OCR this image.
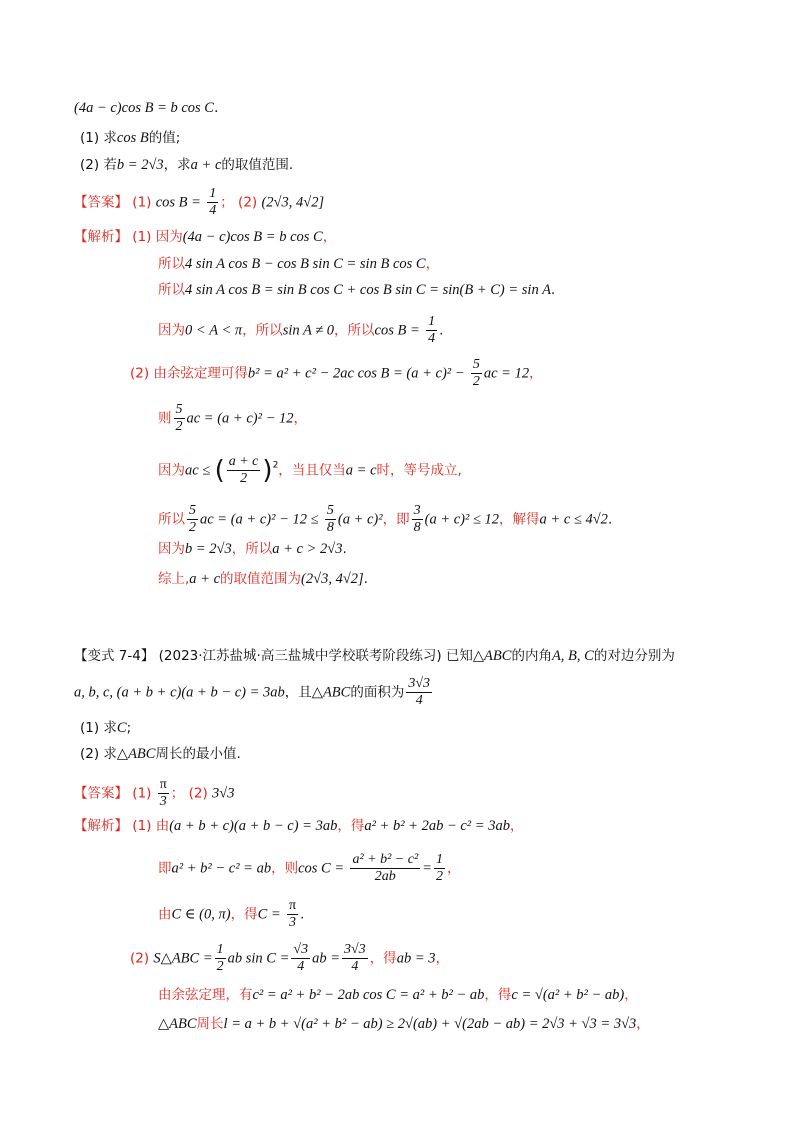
(4a − c)cos B = b cos C.
(1) 求cos B的值;
(2) 若b = 2√3，求a + c的取值范围.
【答案】 (1) $\cos B = \frac{1}{4}$ ； (2) (2√3, 4√2]
【解析】 (1) 因为(4a − c)cos B = b cos C，
所以4 sin A cos B − cos B sin C = sin B cos C，
所以4 sin A cos B = sin B cos C + cos B sin C = sin(B + C) = sin A.
因为0 < A < π，所以sin A ≠ 0，所以$\cos B = \frac{1}{4}$ .
(2) 由余弦定理可得b² = a² + c² − 2ac $\cos B = (a + c)^2 - \frac{5}{2}$ ac = 12，
则 $\frac{5}{2}$ ac = (a + c)² − 12，
因为ac ≤ ( $\frac{a + c}{2} )^2$，当且仅当a = c时，等号成立,
所以 $\frac{5}{2}$ ac = $(a + c)^2 - 12 \le \frac{5}{8} (a + c)^2$，即 $\frac{3}{8} (a + c)^2 \le 12$，解得a + c ≤ 4√2.
因为b = 2√3，所以a + c > 2√3.
综上,a + c的取值范围为(2√3, 4√2].
【变式 7-4】 (2023·江苏盐城·高三盐城中学校联考阶段练习) 已知△ABC的内角A, B, C的对边分别为
a, b, c, (a + b + c)(a + b − c) = 3ab，且△ABC的面积为 $\frac{3√3}{4}$
(1) 求C;
(2) 求△ABC周长的最小值.
【答案】 $(1) \frac{\pi}{3}$ ； (2) 3√3
【解析】 (1) 由(a + b + c)(a + b − c) = 3ab，得a² + b² + 2ab − c² = 3ab，
即a² + b² − c² = ab，则$\cos C = \frac{\text{a² + b² − c²}}{2ab} = \frac{1}{2}$ ，
由C ∈ (0, π)，得$C = \frac{\pi}{3}$ .
(2) S△ABC = $\frac{1}{2}$ ab $\sin C = \frac{√3}{4}$ ab = $\frac{3√3}{4}$ ，得ab = 3，
由余弦定理，有c² = a² + b² − 2ab cos C = a² + b² − ab，得c = √(a² + b² − ab)，
△ABC周长l = a + b + √(a² + b² − ab) ≥ 2√(ab) + √(2ab − ab) = 2√3 + √3 = 3√3，
